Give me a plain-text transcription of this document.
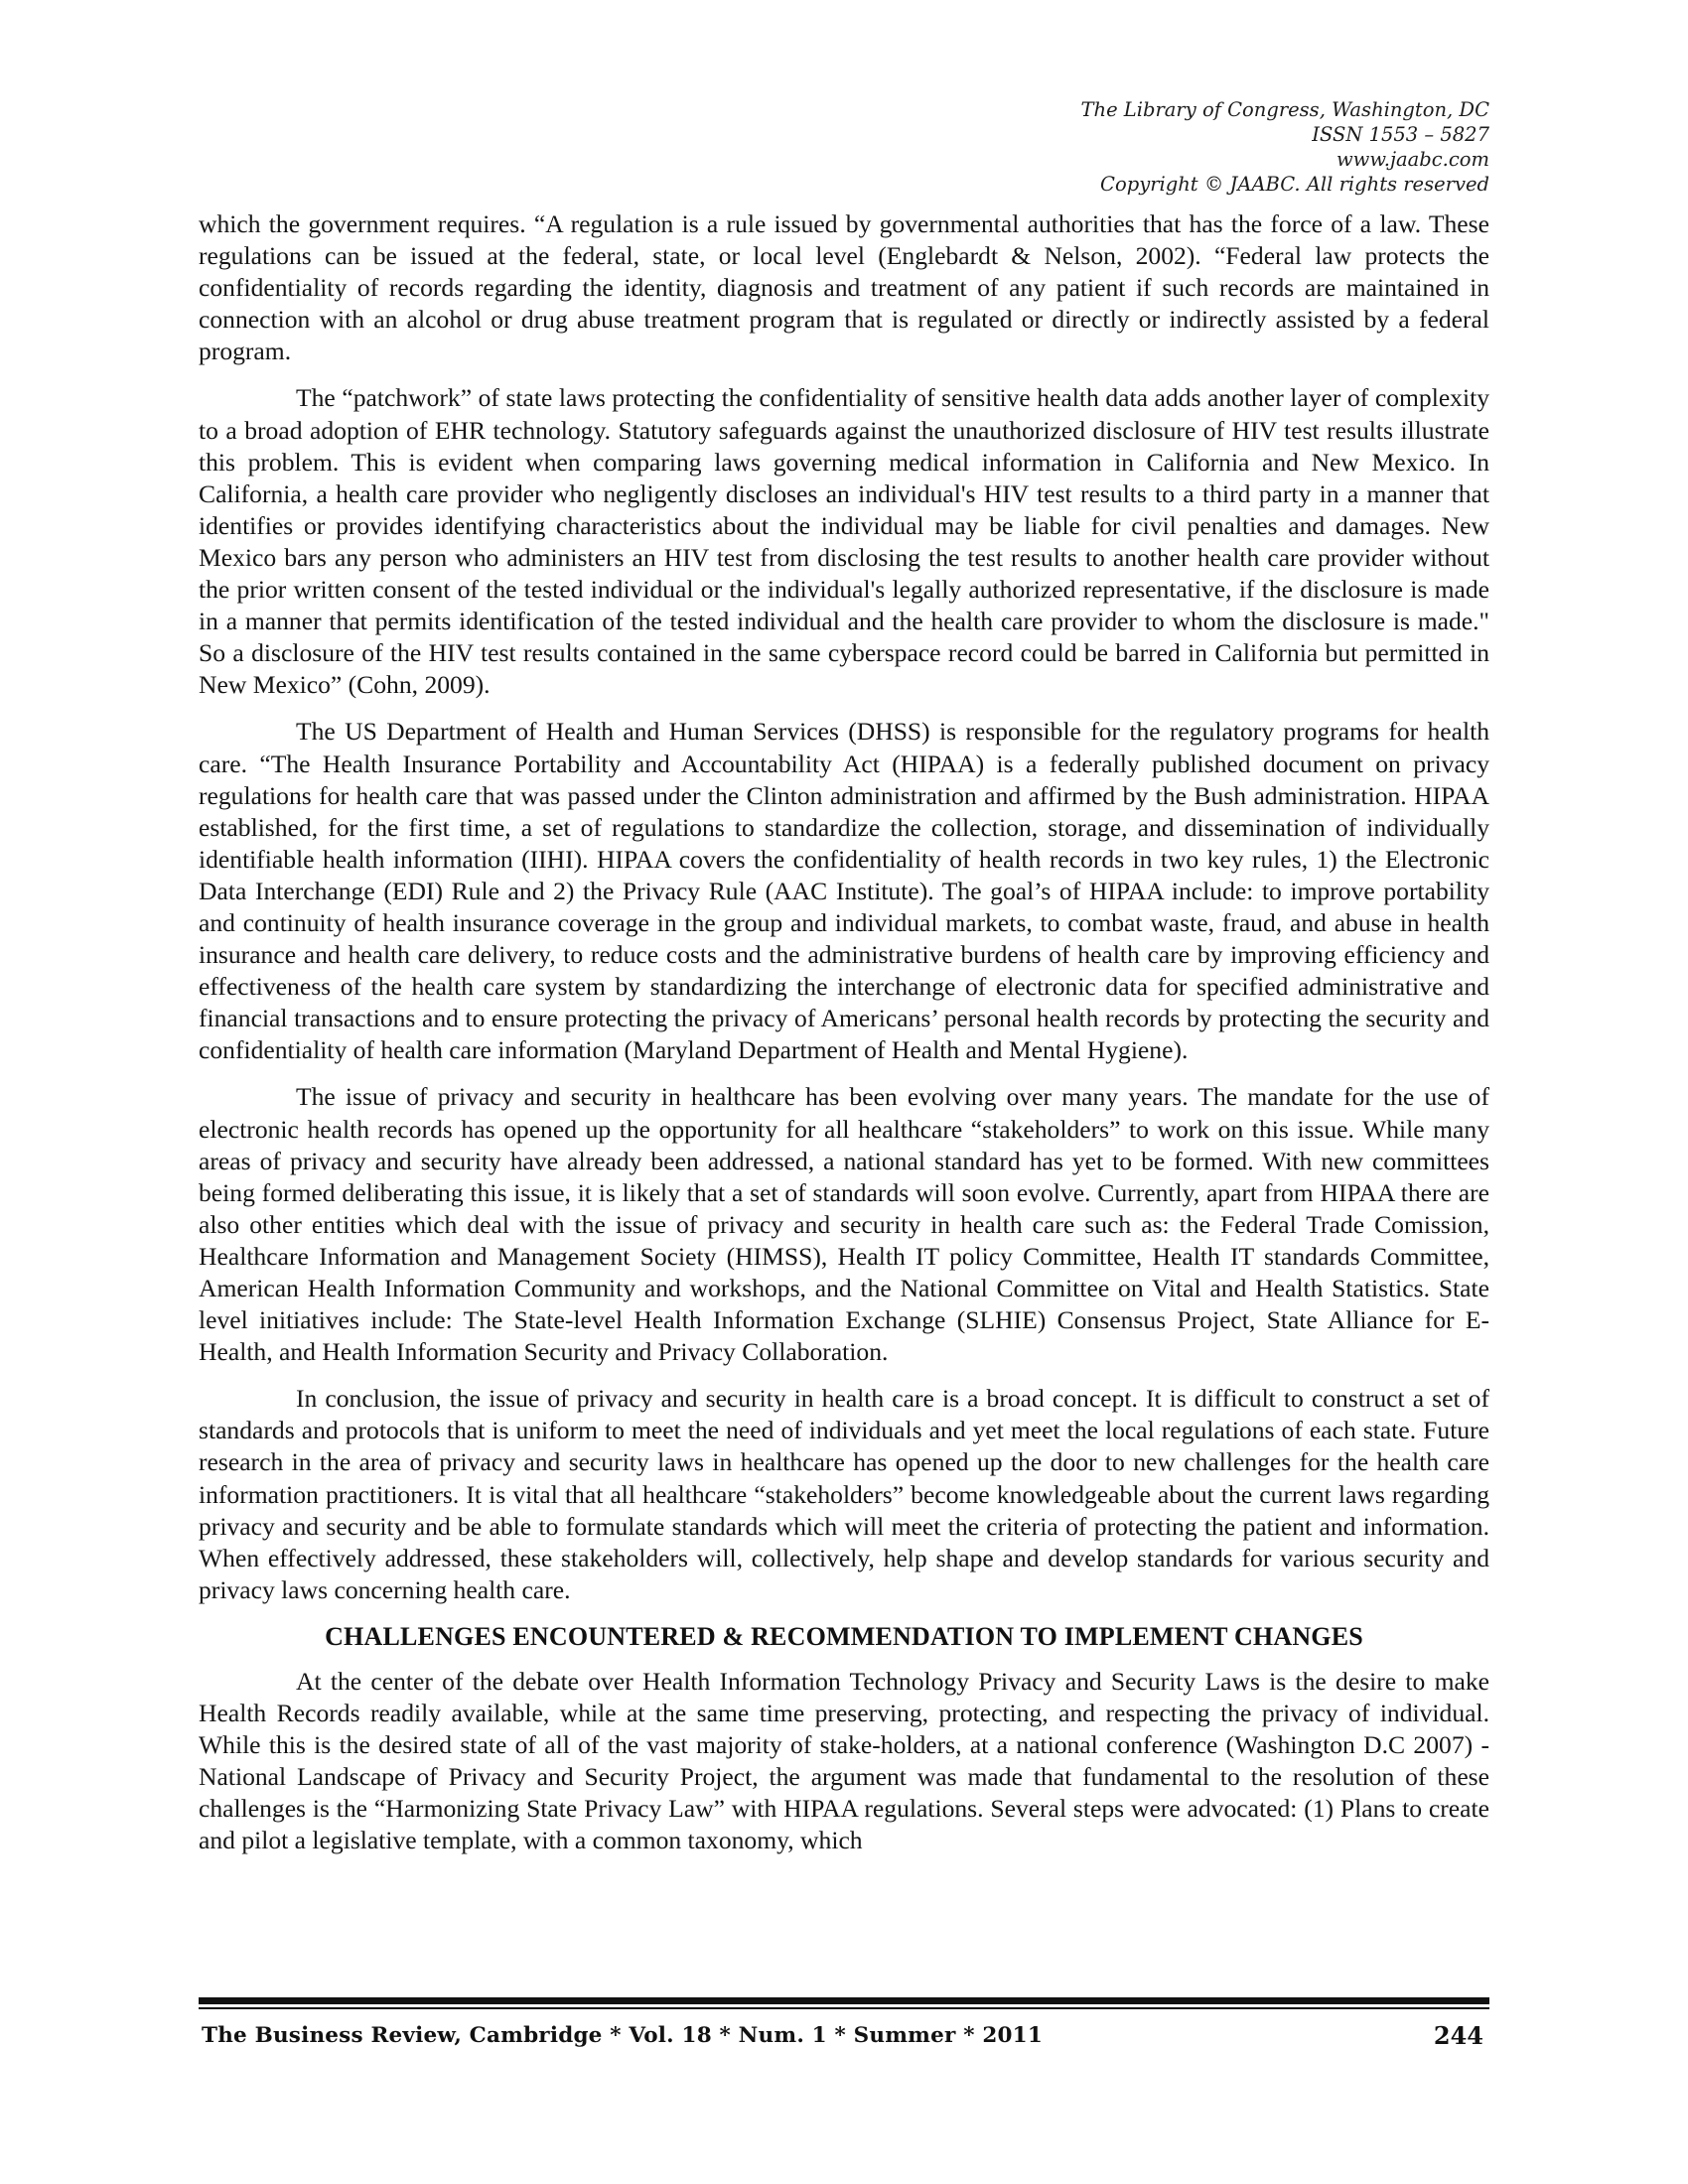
The Library of Congress, Washington, DC
ISSN 1553 – 5827
www.jaabc.com
Copyright © JAABC. All rights reserved

which the government requires. “A regulation is a rule issued by governmental authorities that has the force of a law. These regulations can be issued at the federal, state, or local level (Englebardt & Nelson, 2002). “Federal law protects the confidentiality of records regarding the identity, diagnosis and treatment of any patient if such records are maintained in connection with an alcohol or drug abuse treatment program that is regulated or directly or indirectly assisted by a federal program.

The “patchwork” of state laws protecting the confidentiality of sensitive health data adds another layer of complexity to a broad adoption of EHR technology. Statutory safeguards against the unauthorized disclosure of HIV test results illustrate this problem. This is evident when comparing laws governing medical information in California and New Mexico. In California, a health care provider who negligently discloses an individual's HIV test results to a third party in a manner that identifies or provides identifying characteristics about the individual may be liable for civil penalties and damages. New Mexico bars any person who administers an HIV test from disclosing the test results to another health care provider without the prior written consent of the tested individual or the individual's legally authorized representative, if the disclosure is made in a manner that permits identification of the tested individual and the health care provider to whom the disclosure is made." So a disclosure of the HIV test results contained in the same cyberspace record could be barred in California but permitted in New Mexico” (Cohn, 2009).

The US Department of Health and Human Services (DHSS) is responsible for the regulatory programs for health care. “The Health Insurance Portability and Accountability Act (HIPAA) is a federally published document on privacy regulations for health care that was passed under the Clinton administration and affirmed by the Bush administration. HIPAA established, for the first time, a set of regulations to standardize the collection, storage, and dissemination of individually identifiable health information (IIHI). HIPAA covers the confidentiality of health records in two key rules, 1) the Electronic Data Interchange (EDI) Rule and 2) the Privacy Rule (AAC Institute). The goal’s of HIPAA include: to improve portability and continuity of health insurance coverage in the group and individual markets, to combat waste, fraud, and abuse in health insurance and health care delivery, to reduce costs and the administrative burdens of health care by improving efficiency and effectiveness of the health care system by standardizing the interchange of electronic data for specified administrative and financial transactions and to ensure protecting the privacy of Americans’ personal health records by protecting the security and confidentiality of health care information (Maryland Department of Health and Mental Hygiene).

The issue of privacy and security in healthcare has been evolving over many years. The mandate for the use of electronic health records has opened up the opportunity for all healthcare “stakeholders” to work on this issue. While many areas of privacy and security have already been addressed, a national standard has yet to be formed. With new committees being formed deliberating this issue, it is likely that a set of standards will soon evolve. Currently, apart from HIPAA there are also other entities which deal with the issue of privacy and security in health care such as: the Federal Trade Comission, Healthcare Information and Management Society (HIMSS), Health IT policy Committee, Health IT standards Committee, American Health Information Community and workshops, and the National Committee on Vital and Health Statistics. State level initiatives include: The State-level Health Information Exchange (SLHIE) Consensus Project, State Alliance for E-Health, and Health Information Security and Privacy Collaboration.

In conclusion, the issue of privacy and security in health care is a broad concept. It is difficult to construct a set of standards and protocols that is uniform to meet the need of individuals and yet meet the local regulations of each state. Future research in the area of privacy and security laws in healthcare has opened up the door to new challenges for the health care information practitioners. It is vital that all healthcare “stakeholders” become knowledgeable about the current laws regarding privacy and security and be able to formulate standards which will meet the criteria of protecting the patient and information. When effectively addressed, these stakeholders will, collectively, help shape and develop standards for various security and privacy laws concerning health care.

CHALLENGES ENCOUNTERED & RECOMMENDATION TO IMPLEMENT CHANGES

At the center of the debate over Health Information Technology Privacy and Security Laws is the desire to make Health Records readily available, while at the same time preserving, protecting, and respecting the privacy of individual. While this is the desired state of all of the vast majority of stake-holders, at a national conference (Washington D.C 2007) - National Landscape of Privacy and Security Project, the argument was made that fundamental to the resolution of these challenges is the “Harmonizing State Privacy Law” with HIPAA regulations. Several steps were advocated: (1) Plans to create and pilot a legislative template, with a common taxonomy, which

The Business Review, Cambridge * Vol. 18 * Num. 1 * Summer * 2011	244
